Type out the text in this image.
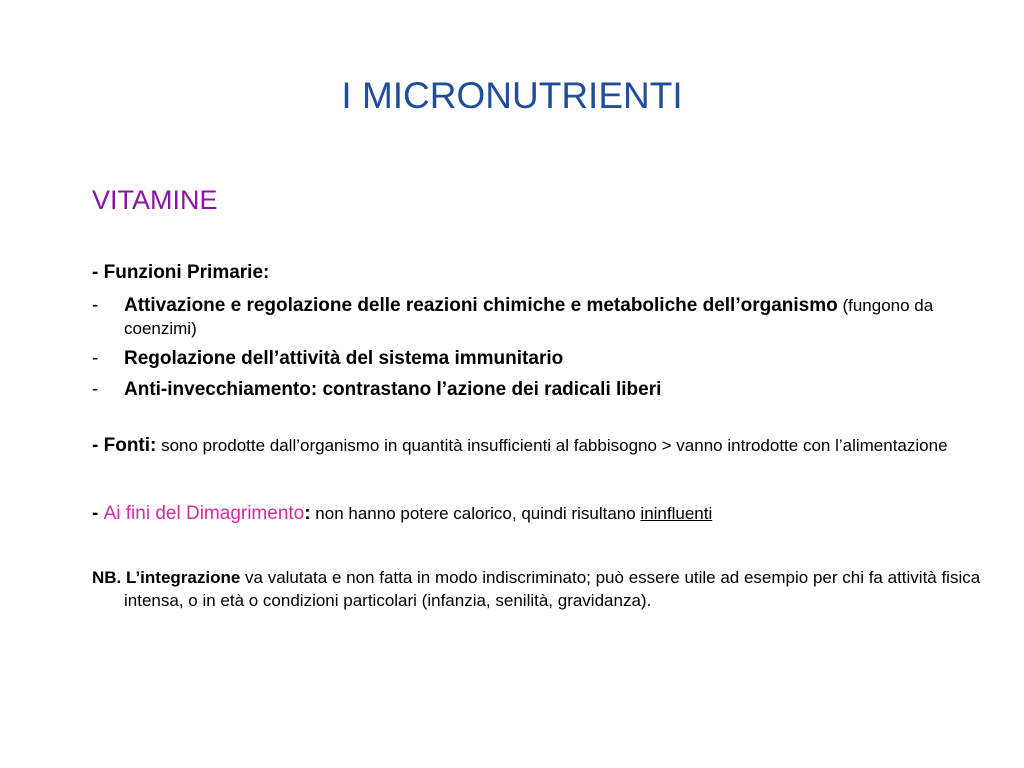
I MICRONUTRIENTI
VITAMINE
- Funzioni Primarie:
- Attivazione e regolazione delle reazioni chimiche e metaboliche dell’organismo (fungono da coenzimi)
- Regolazione dell’attività del sistema immunitario
- Anti-invecchiamento: contrastano l’azione dei radicali liberi
- Fonti: sono prodotte dall’organismo in quantità insufficienti al fabbisogno > vanno introdotte con l’alimentazione
- Ai fini del Dimagrimento: non hanno potere calorico, quindi risultano ininfluenti
NB. L’integrazione va valutata e non fatta in modo indiscriminato; può essere utile ad esempio per chi fa attività fisica intensa, o in età o condizioni particolari (infanzia, senilità, gravidanza).
